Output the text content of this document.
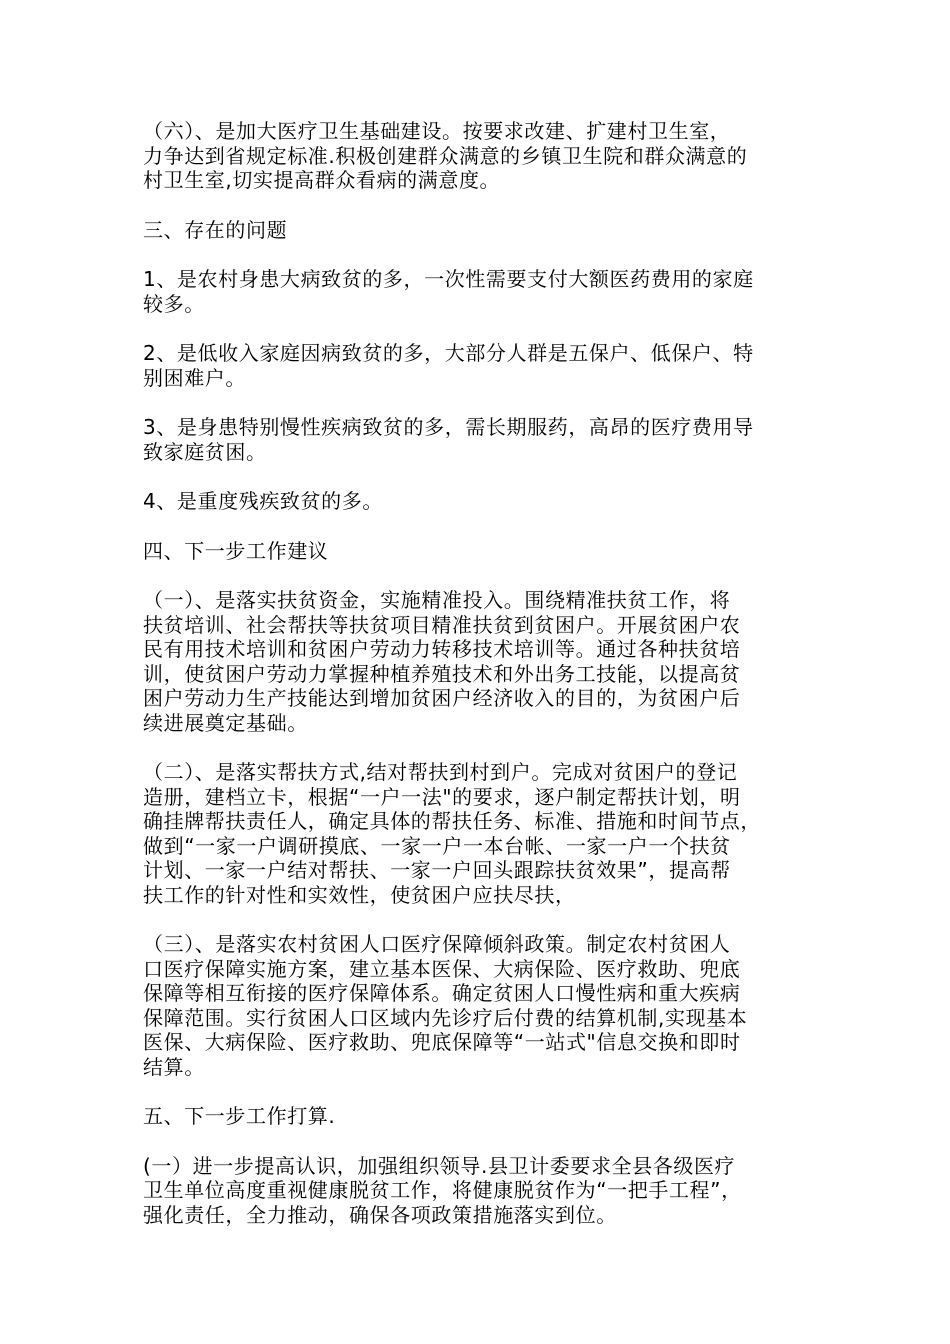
（六）、是加大医疗卫生基础建设。按要求改建、扩建村卫生室，
力争达到省规定标准.积极创建群众满意的乡镇卫生院和群众满意的
村卫生室,切实提高群众看病的满意度。

三、存在的问题

1、是农村身患大病致贫的多，一次性需要支付大额医药费用的家庭
较多。

2、是低收入家庭因病致贫的多，大部分人群是五保户、低保户、特
别困难户。

3、是身患特别慢性疾病致贫的多，需长期服药，高昂的医疗费用导
致家庭贫困。

4、是重度残疾致贫的多。

四、下一步工作建议

（一）、是落实扶贫资金，实施精准投入。围绕精准扶贫工作，将
扶贫培训、社会帮扶等扶贫项目精准扶贫到贫困户。开展贫困户农
民有用技术培训和贫困户劳动力转移技术培训等。通过各种扶贫培
训，使贫困户劳动力掌握种植养殖技术和外出务工技能，以提高贫
困户劳动力生产技能达到增加贫困户经济收入的目的，为贫困户后
续进展奠定基础。

（二）、是落实帮扶方式,结对帮扶到村到户。完成对贫困户的登记
造册，建档立卡，根据“一户一法"的要求，逐户制定帮扶计划，明
确挂牌帮扶责任人，确定具体的帮扶任务、标准、措施和时间节点，
做到“一家一户调研摸底、一家一户一本台帐、一家一户一个扶贫
计划、一家一户结对帮扶、一家一户回头跟踪扶贫效果”，提高帮
扶工作的针对性和实效性，使贫困户应扶尽扶，

（三）、是落实农村贫困人口医疗保障倾斜政策。制定农村贫困人
口医疗保障实施方案，建立基本医保、大病保险、医疗救助、兜底
保障等相互衔接的医疗保障体系。确定贫困人口慢性病和重大疾病
保障范围。实行贫困人口区域内先诊疗后付费的结算机制,实现基本
医保、大病保险、医疗救助、兜底保障等“一站式"信息交换和即时
结算。

五、下一步工作打算.

(一）进一步提高认识，加强组织领导.县卫计委要求全县各级医疗
卫生单位高度重视健康脱贫工作，将健康脱贫作为“一把手工程”，
强化责任，全力推动，确保各项政策措施落实到位。
